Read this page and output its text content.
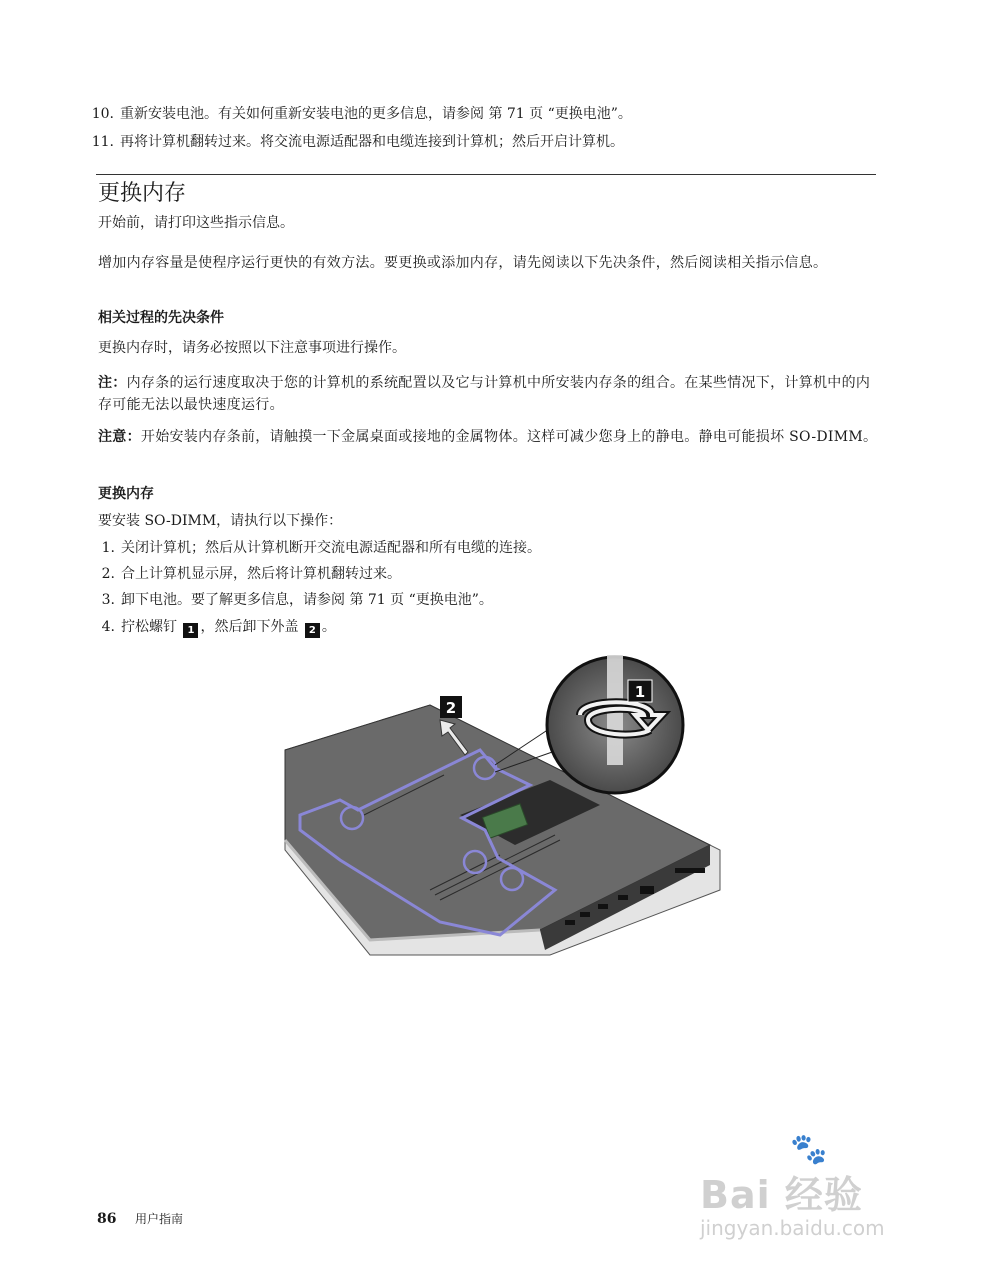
10. 重新安装电池。有关如何重新安装电池的更多信息，请参阅 第 71 页 “更换电池”。
11. 再将计算机翻转过来。将交流电源适配器和电缆连接到计算机；然后开启计算机。
更换内存
开始前，请打印这些指示信息。
增加内存容量是使程序运行更快的有效方法。要更换或添加内存，请先阅读以下先决条件，然后阅读相关指示信息。
相关过程的先决条件
更换内存时，请务必按照以下注意事项进行操作。
注：内存条的运行速度取决于您的计算机的系统配置以及它与计算机中所安装内存条的组合。在某些情况下，计算机中的内存可能无法以最快速度运行。
注意：开始安装内存条前，请触摸一下金属桌面或接地的金属物体。这样可减少您身上的静电。静电可能损坏 SO-DIMM。
更换内存
要安装 SO-DIMM，请执行以下操作：
1. 关闭计算机；然后从计算机断开交流电源适配器和所有电缆的连接。
2. 合上计算机显示屏，然后将计算机翻转过来。
3. 卸下电池。要了解更多信息，请参阅 第 71 页 “更换电池”。
4. 拧松螺钉 1 ，然后卸下外盖 2 。
2
1
86 用户指南
🐾
Bai 经验
jingyan.baidu.com
